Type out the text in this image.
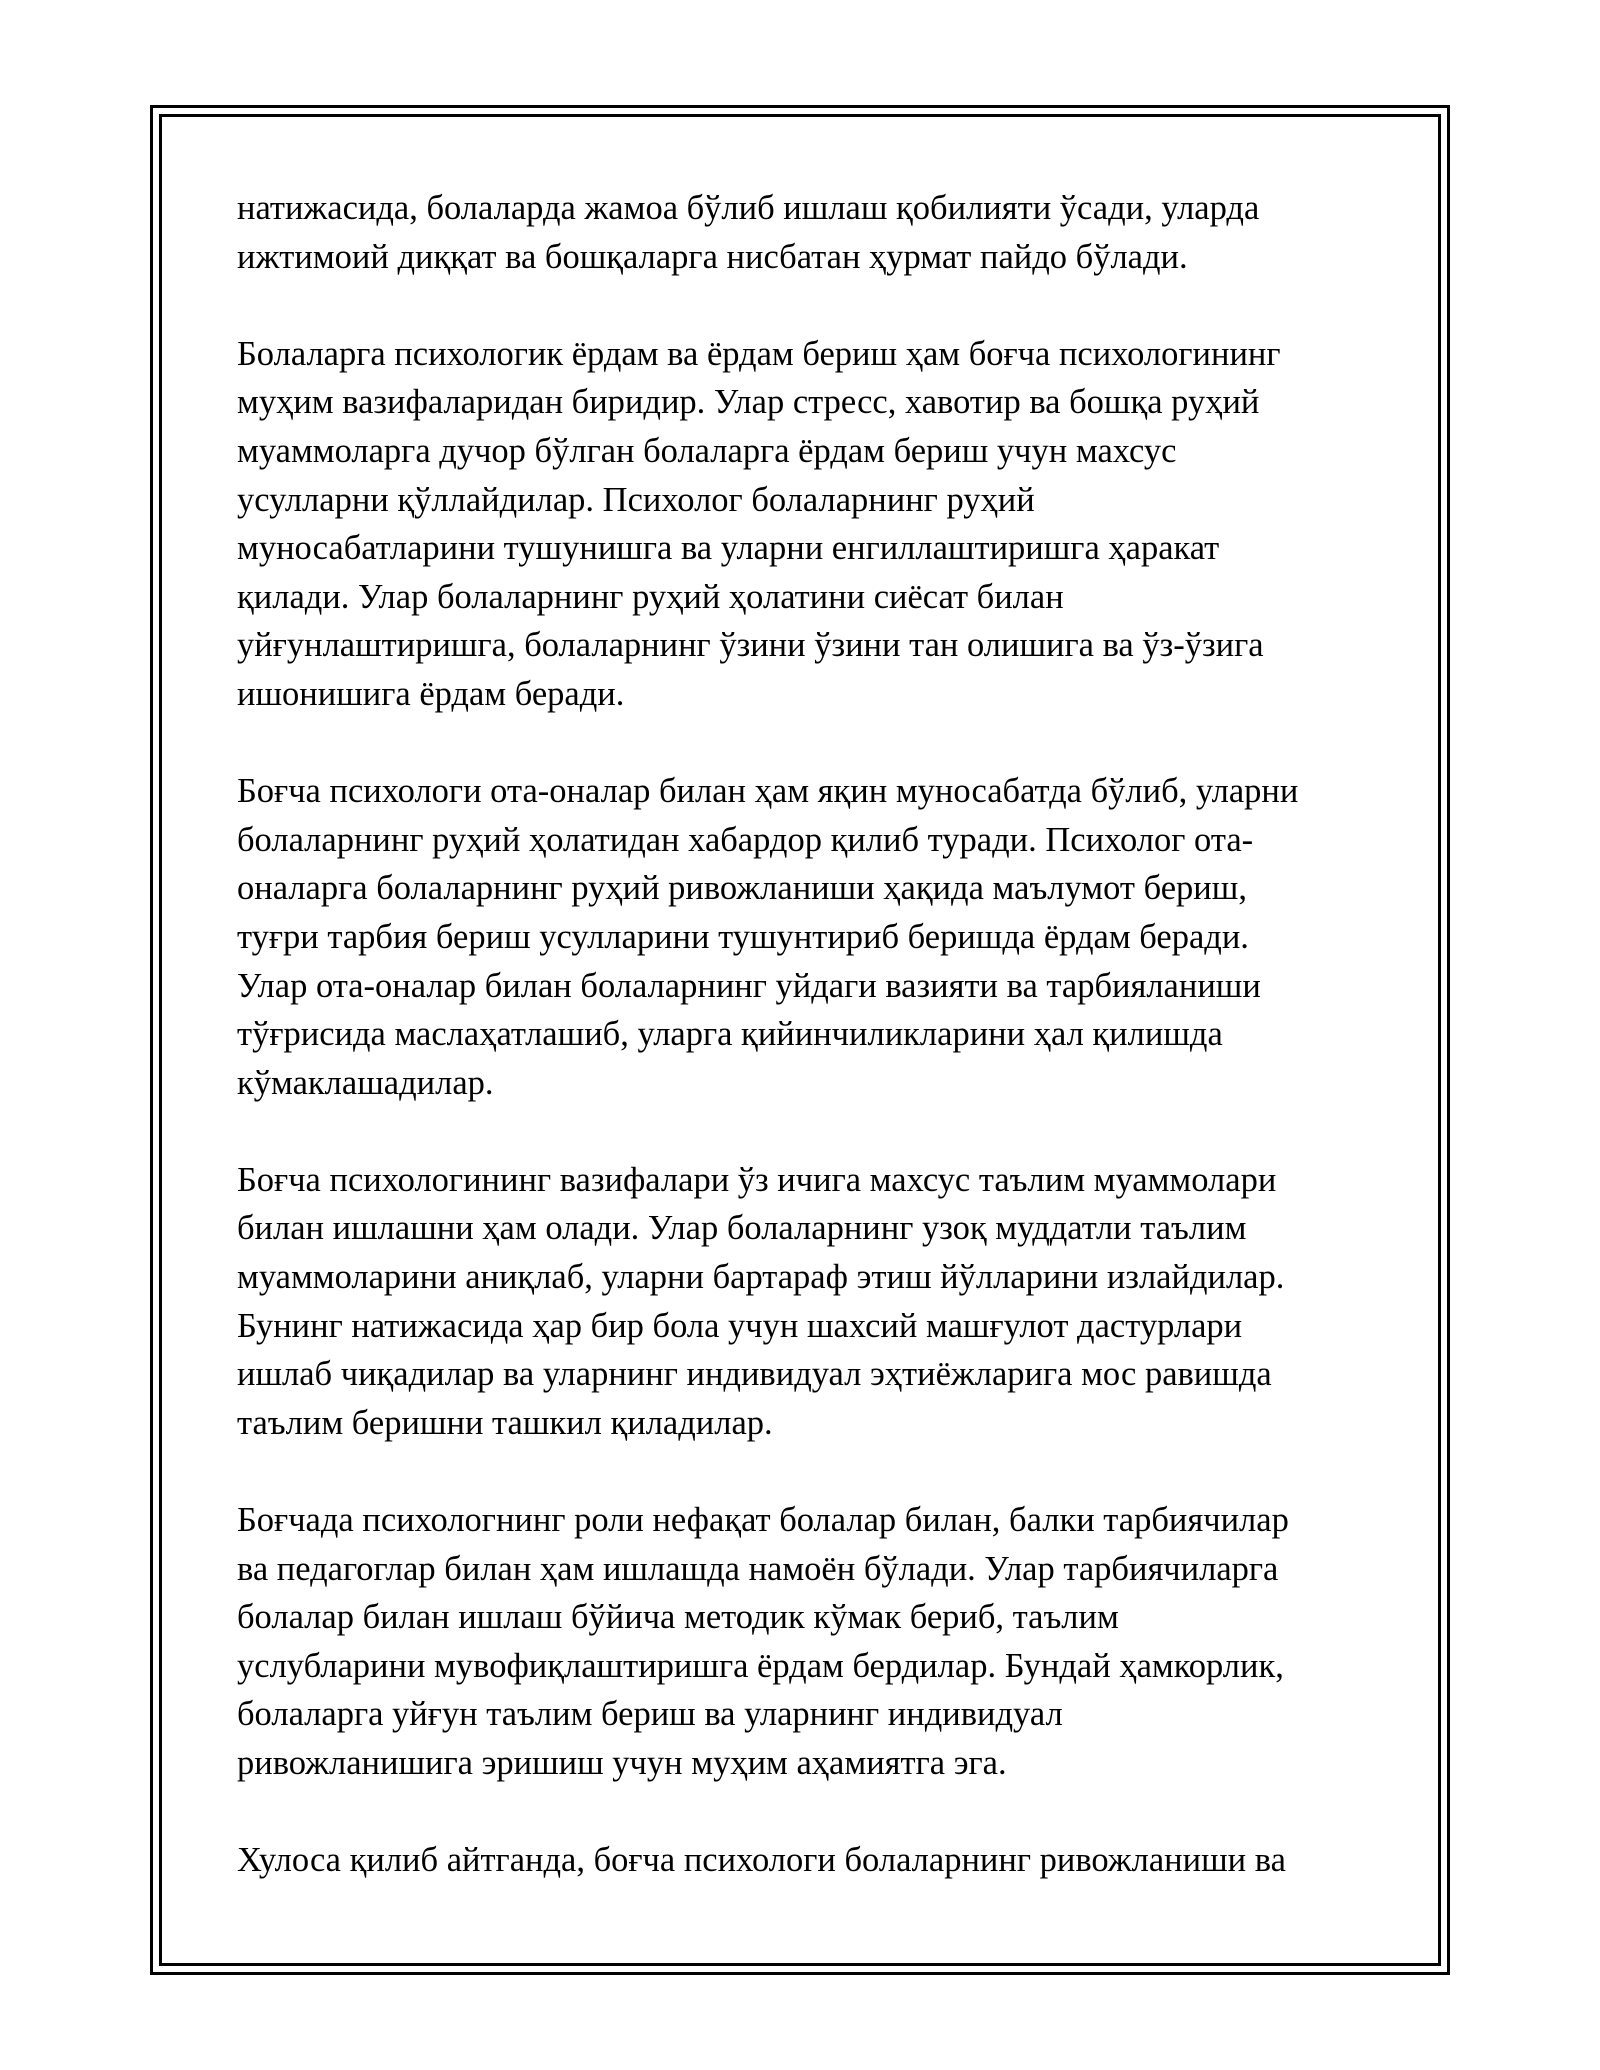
натижасида, болаларда жамоа бўлиб ишлаш қобилияти ўсади, уларда
ижтимоий диққат ва бошқаларга нисбатан ҳурмат пайдо бўлади.

Болаларга психологик ёрдам ва ёрдам бериш ҳам боғча психологининг
муҳим вазифаларидан биридир. Улар стресс, хавотир ва бошқа руҳий
муаммоларга дучор бўлган болаларга ёрдам бериш учун махсус
усулларни қўллайдилар. Психолог болаларнинг руҳий
муносабатларини тушунишга ва уларни енгиллаштиришга ҳаракат
қилади. Улар болаларнинг руҳий ҳолатини сиёсат билан
уйғунлаштиришга, болаларнинг ўзини ўзини тан олишига ва ўз-ўзига
ишонишига ёрдам беради.

Боғча психологи ота-оналар билан ҳам яқин муносабатда бўлиб, уларни
болаларнинг руҳий ҳолатидан хабардор қилиб туради. Психолог ота-
оналарга болаларнинг руҳий ривожланиши ҳақида маълумот бериш,
туғри тарбия бериш усулларини тушунтириб беришда ёрдам беради.
Улар ота-оналар билан болаларнинг уйдаги вазияти ва тарбияланиши
тўғрисида маслаҳатлашиб, уларга қийинчиликларини ҳал қилишда
кўмаклашадилар.

Боғча психологининг вазифалари ўз ичига махсус таълим муаммолари
билан ишлашни ҳам олади. Улар болаларнинг узоқ муддатли таълим
муаммоларини аниқлаб, уларни бартараф этиш йўлларини излайдилар.
Бунинг натижасида ҳар бир бола учун шахсий машғулот дастурлари
ишлаб чиқадилар ва уларнинг индивидуал эҳтиёжларига мос равишда
таълим беришни ташкил қиладилар.

Боғчада психологнинг роли нефақат болалар билан, балки тарбиячилар
ва педагоглар билан ҳам ишлашда намоён бўлади. Улар тарбиячиларга
болалар билан ишлаш бўйича методик кўмак бериб, таълим
услубларини мувофиқлаштиришга ёрдам бердилар. Бундай ҳамкорлик,
болаларга уйғун таълим бериш ва уларнинг индивидуал
ривожланишига эришиш учун муҳим аҳамиятга эга.

Хулоса қилиб айтганда, боғча психологи болаларнинг ривожланиши ва
